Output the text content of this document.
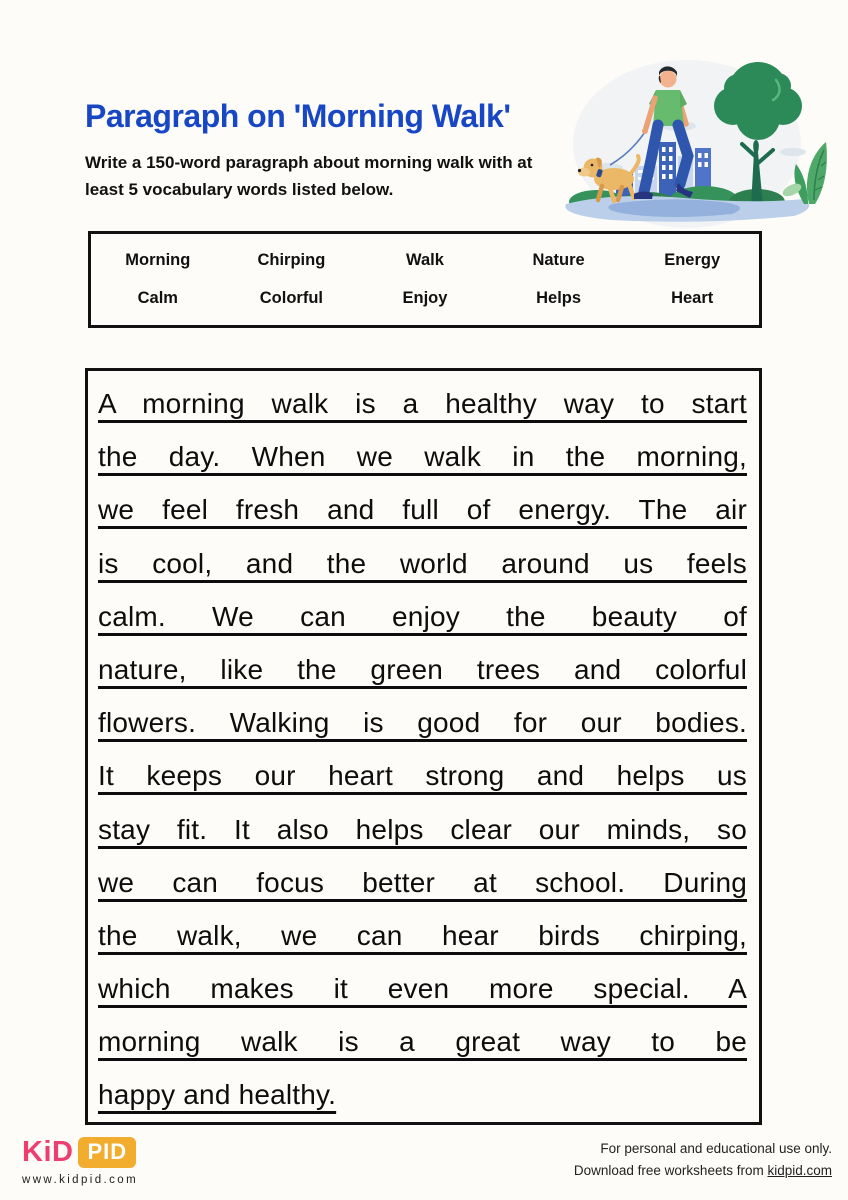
Paragraph on 'Morning Walk'
Write a 150-word paragraph about morning walk with at least 5 vocabulary words listed below.
Morning	Chirping	Walk	Nature	Energy
Calm	Colorful	Enjoy	Helps	Heart
A morning walk is a healthy way to start
the day. When we walk in the morning,
we feel fresh and full of energy. The air
is cool, and the world around us feels
calm. We can enjoy the beauty of
nature, like the green trees and colorful
flowers. Walking is good for our bodies.
It keeps our heart strong and helps us
stay fit. It also helps clear our minds, so
we can focus better at school. During
the walk, we can hear birds chirping,
which makes it even more special. A
morning walk is a great way to be
happy and healthy.
KiD PID
www.kidpid.com
For personal and educational use only.
Download free worksheets from kidpid.com
